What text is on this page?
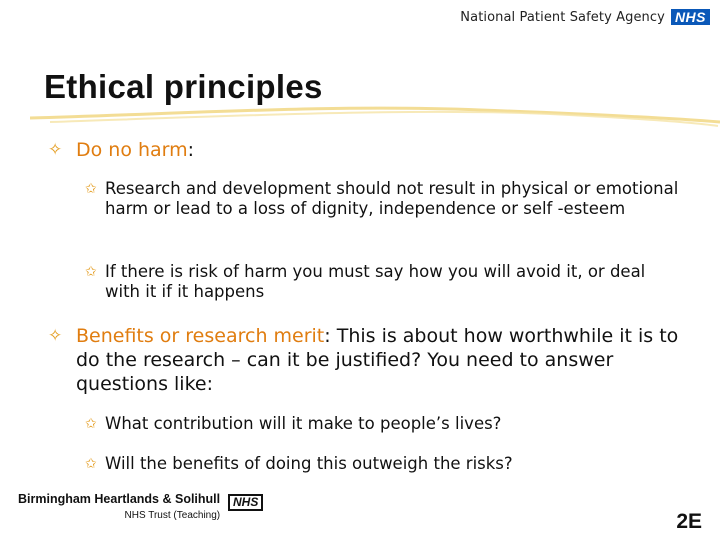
National Patient Safety Agency NHS
Ethical principles
✧ Do no harm:
✩ Research and development should not result in physical or emotional harm or lead to a loss of dignity, independence or self -esteem
✩ If there is risk of harm you must say how you will avoid it, or deal with it if it happens
✧ Benefits or research merit: This is about how worthwhile it is to do the research – can it be justified? You need to answer questions like:
✩ What contribution will it make to people’s lives?
✩ Will the benefits of doing this outweigh the risks?
Birmingham Heartlands & Solihull
NHS Trust (Teaching)
NHS
2E
